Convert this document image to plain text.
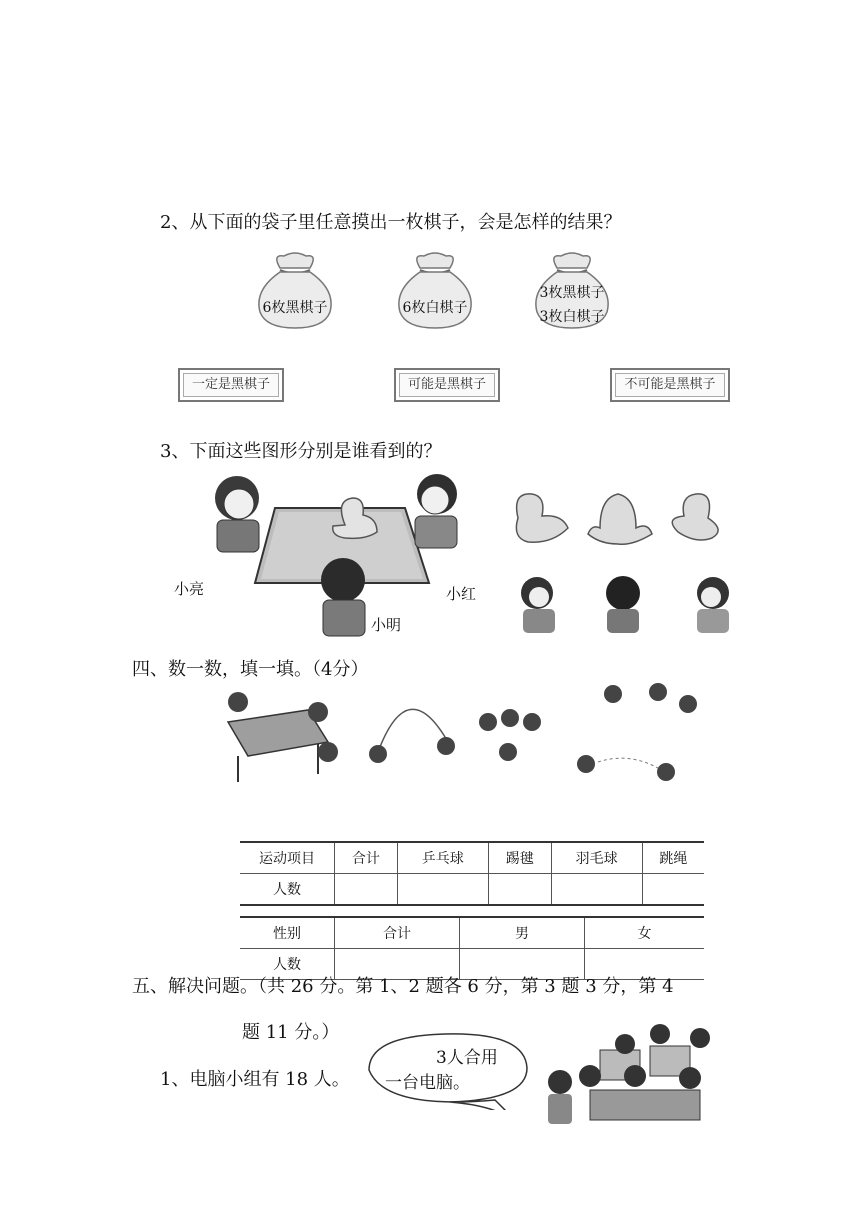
2、从下面的袋子里任意摸出一枚棋子，会是怎样的结果？
6枚黑棋子	6枚白棋子
3枚黑棋子
3枚白棋子
一定是黑棋子	可能是黑棋子	不可能是黑棋子
3、下面这些图形分别是谁看到的？
小亮	小红
小明
四、数一数，填一填。（4分）
运动项目	合计	乒乓球	踢毽	羽毛球	跳绳
人数					
性别	合计	男	女
人数			
五、解决问题。（共 26 分。第 1、2 题各 6 分，第 3 题 3 分，第 4
题 11 分。）
1、电脑小组有 18 人。
3人合用
一台电脑。
